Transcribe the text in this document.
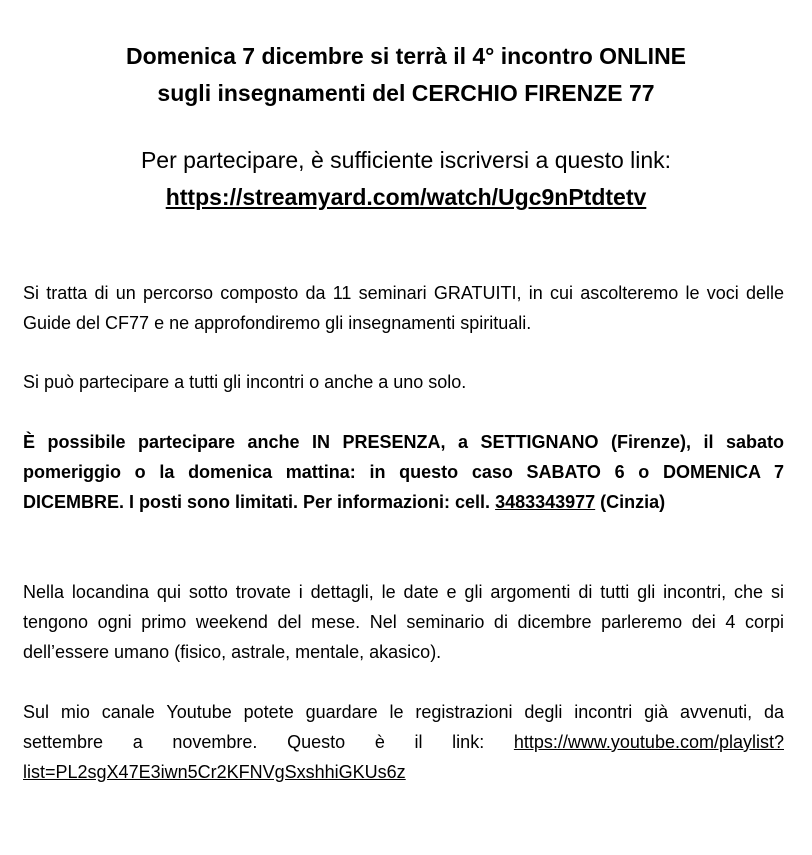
Domenica 7 dicembre si terrà il 4° incontro ONLINE
sugli insegnamenti del CERCHIO FIRENZE 77
Per partecipare, è sufficiente iscriversi a questo link:
https://streamyard.com/watch/Ugc9nPtdtetv
Si tratta di un percorso composto da 11 seminari GRATUITI, in cui ascolteremo le voci delle Guide del CF77 e ne approfondiremo gli insegnamenti spirituali.
Si può partecipare a tutti gli incontri o anche a uno solo.
È possibile partecipare anche IN PRESENZA, a SETTIGNANO (Firenze), il sabato pomeriggio o la domenica mattina: in questo caso SABATO 6 o DOMENICA 7 DICEMBRE. I posti sono limitati. Per informazioni: cell. 3483343977 (Cinzia)
Nella locandina qui sotto trovate i dettagli, le date e gli argomenti di tutti gli incontri, che si tengono ogni primo weekend del mese. Nel seminario di dicembre parleremo dei 4 corpi dell’essere umano (fisico, astrale, mentale, akasico).
Sul mio canale Youtube potete guardare le registrazioni degli incontri già avvenuti, da settembre a novembre. Questo è il link: https://www.youtube.com/playlist?list=PL2sgX47E3iwn5Cr2KFNVgSxshhiGKUs6z
